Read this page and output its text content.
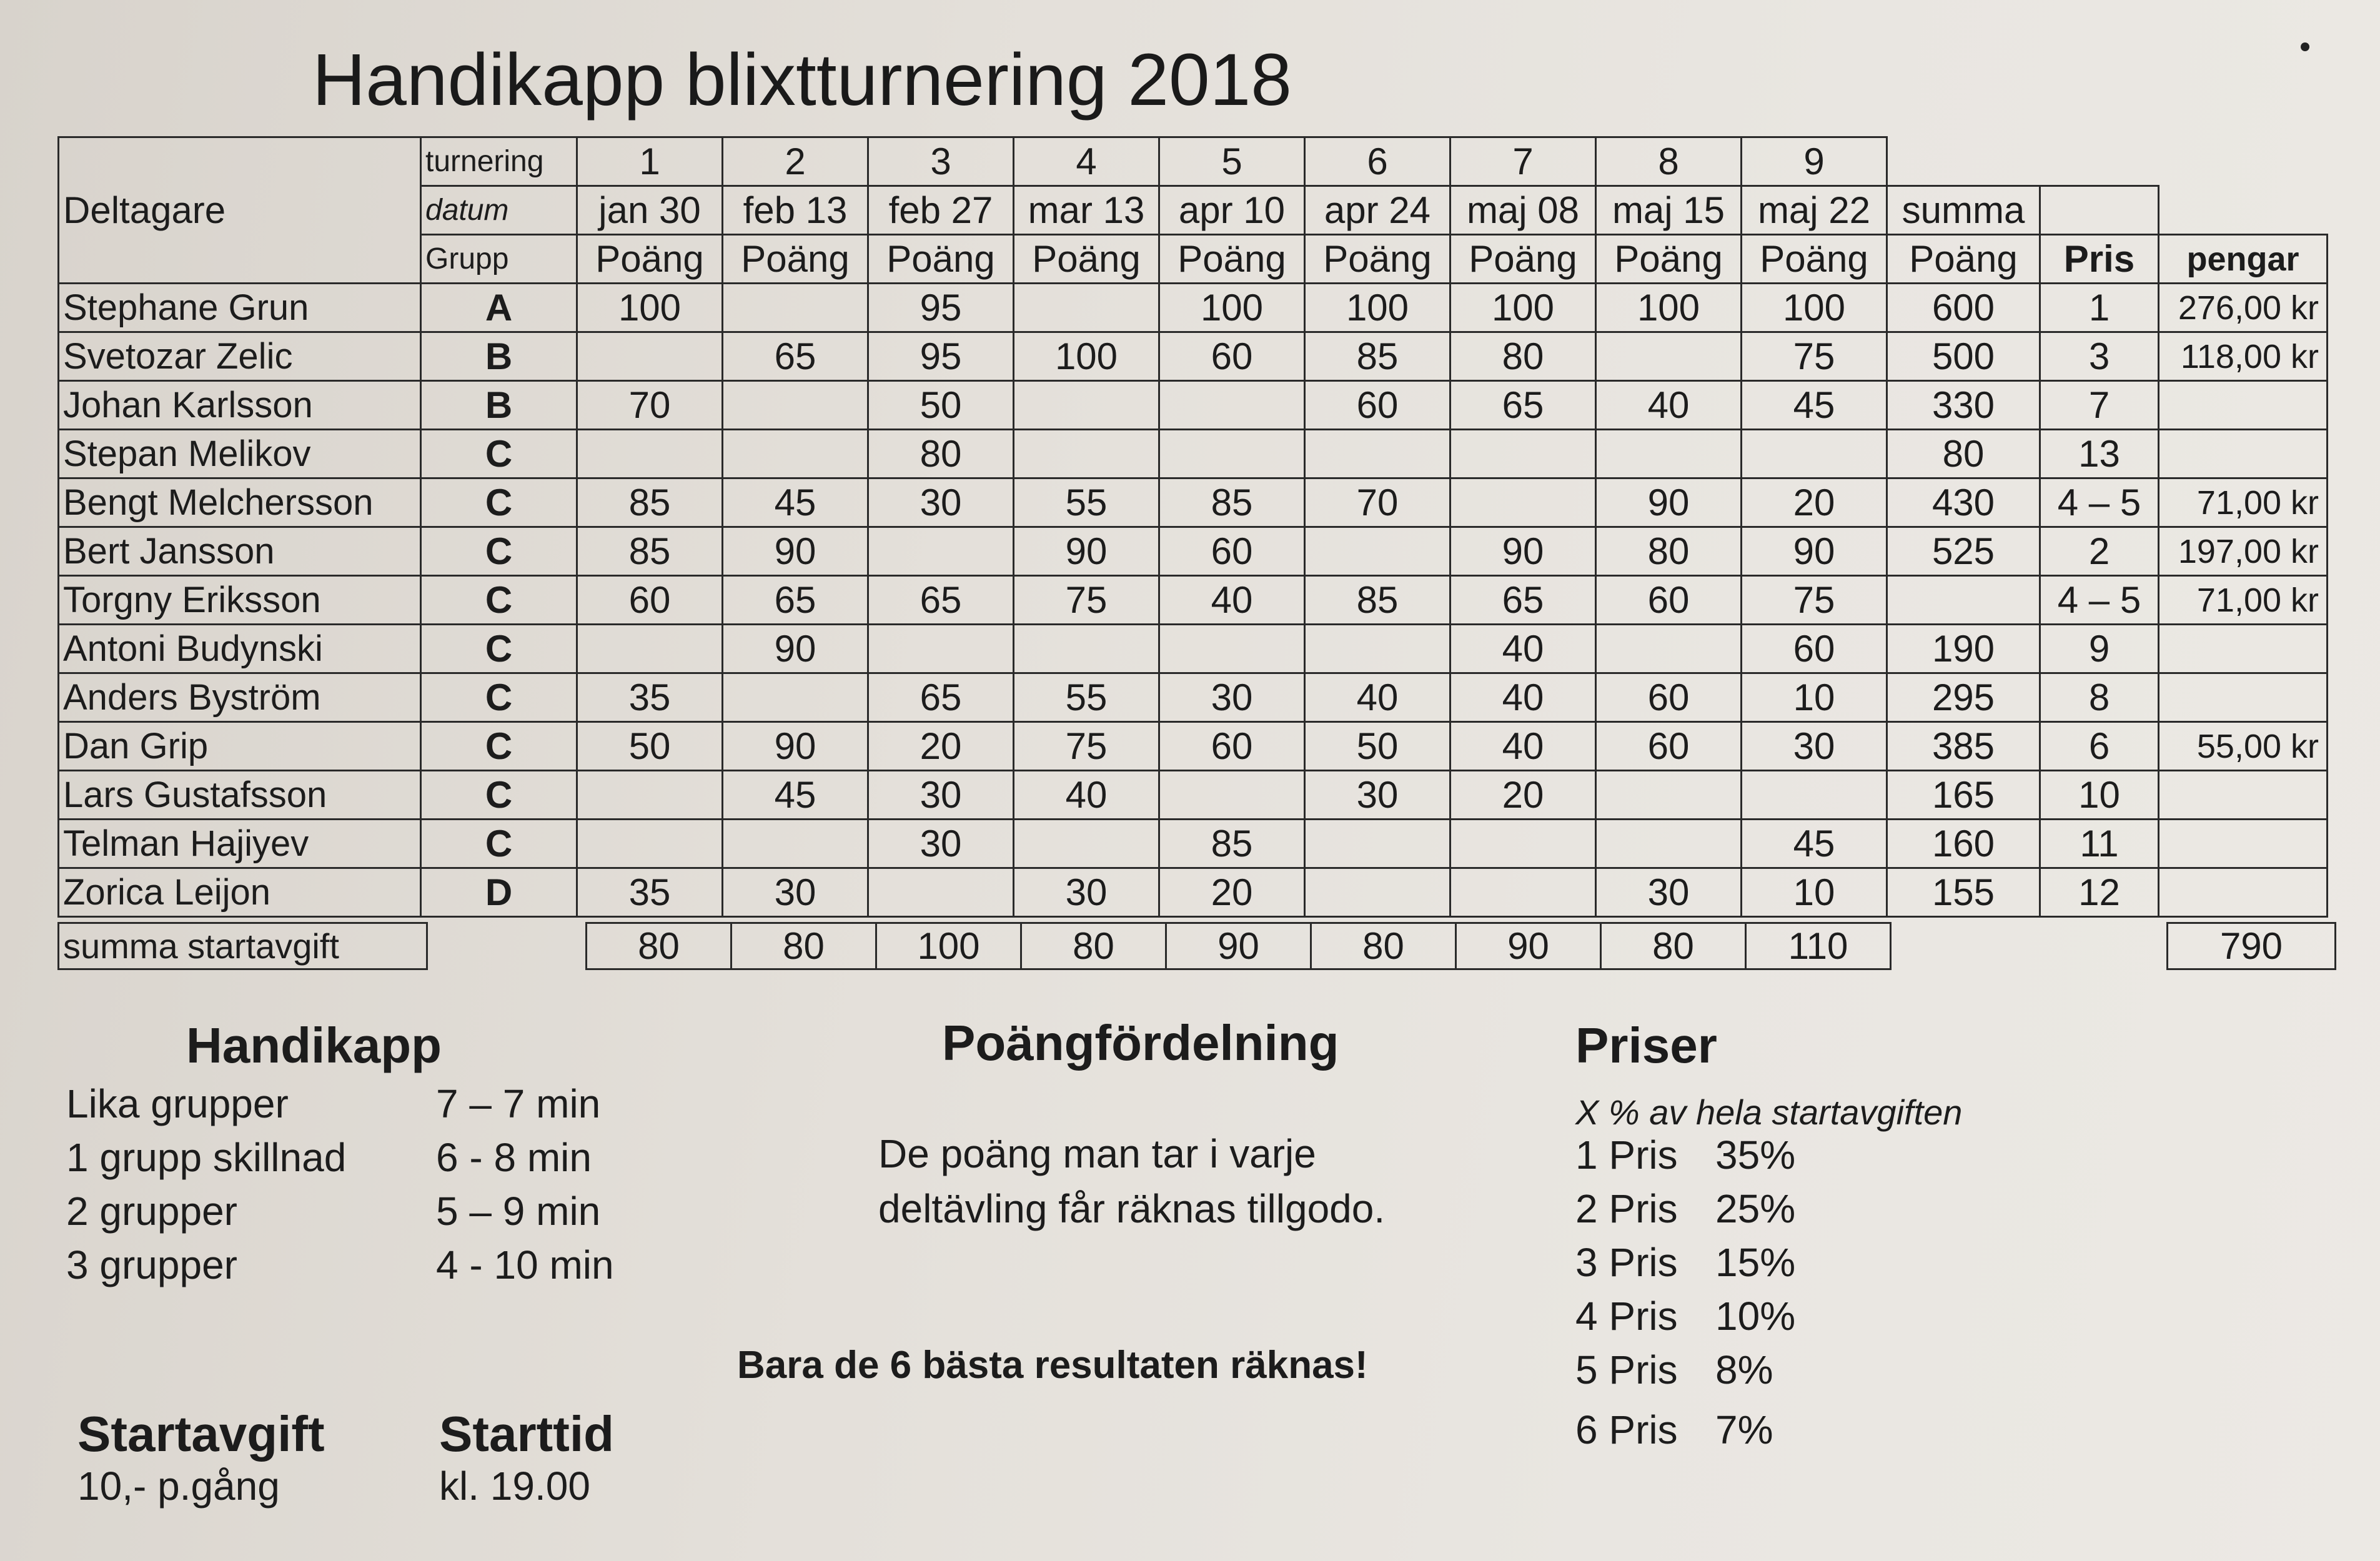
Handikapp blixtturnering 2018
Deltagare	turnering	1	2	3	4	5	6	7	8	9			
	datum	jan 30	feb 13	feb 27	mar 13	apr 10	apr 24	maj 08	maj 15	maj 22	summa		
	Grupp	Poäng	Poäng	Poäng	Poäng	Poäng	Poäng	Poäng	Poäng	Poäng	Poäng	Pris	pengar
Stephane Grun	A	100		95		100	100	100	100	100	600	1	276,00 kr
Svetozar Zelic	B		65	95	100	60	85	80		75	500	3	118,00 kr
Johan Karlsson	B	70		50			60	65	40	45	330	7	
Stepan Melikov	C			80							80	13	
Bengt Melchersson	C	85	45	30	55	85	70		90	20	430	4 – 5	71,00 kr
Bert Jansson	C	85	90		90	60		90	80	90	525	2	197,00 kr
Torgny Eriksson	C	60	65	65	75	40	85	65	60	75		4 – 5	71,00 kr
Antoni Budynski	C		90					40		60	190	9	
Anders Byström	C	35		65	55	30	40	40	60	10	295	8	
Dan Grip	C	50	90	20	75	60	50	40	60	30	385	6	55,00 kr
Lars Gustafsson	C		45	30	40		30	20			165	10	
Telman Hajiyev	C			30		85				45	160	11	
Zorica Leijon	D	35	30		30	20			30	10	155	12	
summa startavgift		80	80	100	80	90	80	90	80	110		790
Handikapp
Lika grupper	7 – 7 min
1 grupp skillnad 6 - 8 min
2 grupper	5 – 9 min
3 grupper	4 - 10 min
Poängfördelning
De poäng man tar i varje
deltävling får räknas tillgodo.
Bara de 6 bästa resultaten räknas!
Priser
X % av hela startavgiften
1 Pris 35%
2 Pris 25%
3 Pris 15%
4 Pris 10%
5 Pris 8%
6 Pris 7%
Startavgift
10,- p.gång
Starttid
kl. 19.00
